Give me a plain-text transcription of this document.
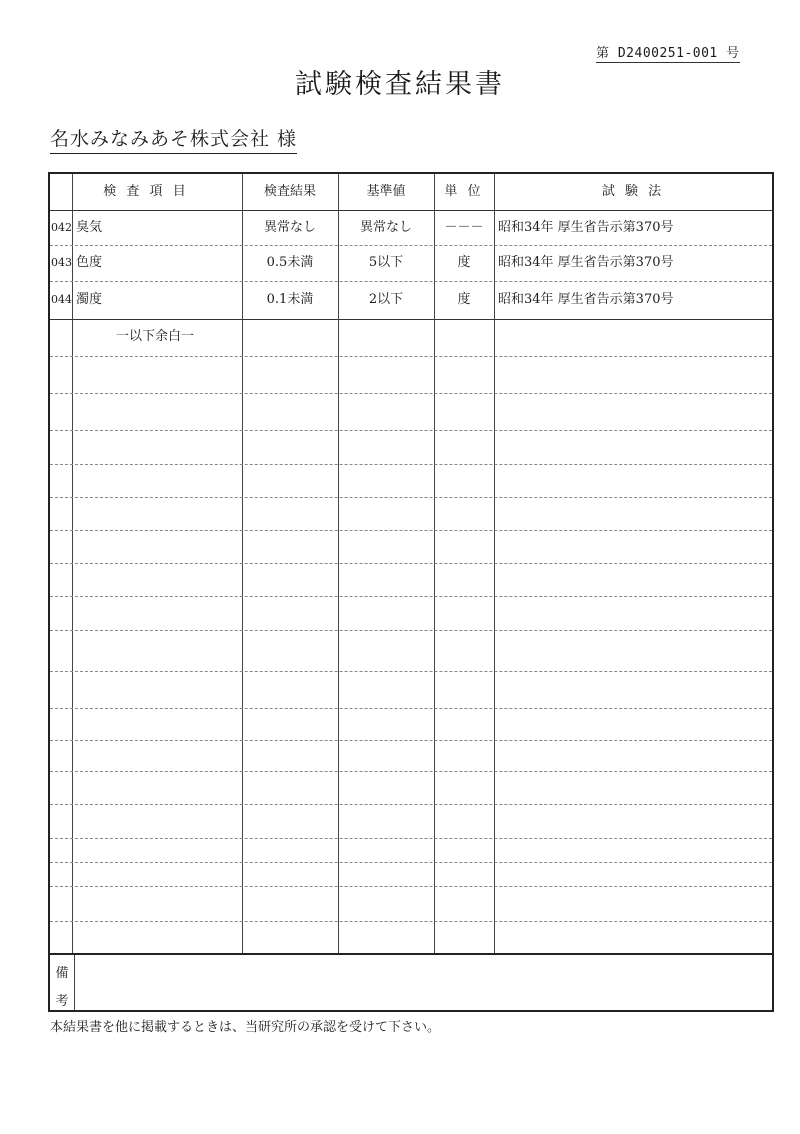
第 D2400251-001 号
試験検査結果書
名水みなみあそ株式会社 様
検 査 項 目	検査結果	基準値	単 位	試 験 法
042 臭気	異常なし	異常なし	－－－	昭和34年 厚生省告示第370号
043 色度	0.5未満	5以下	度	昭和34年 厚生省告示第370号
044 濁度	0.1未満	2以下	度	昭和34年 厚生省告示第370号
一以下余白一
備
考
本結果書を他に掲載するときは、当研究所の承認を受けて下さい。
